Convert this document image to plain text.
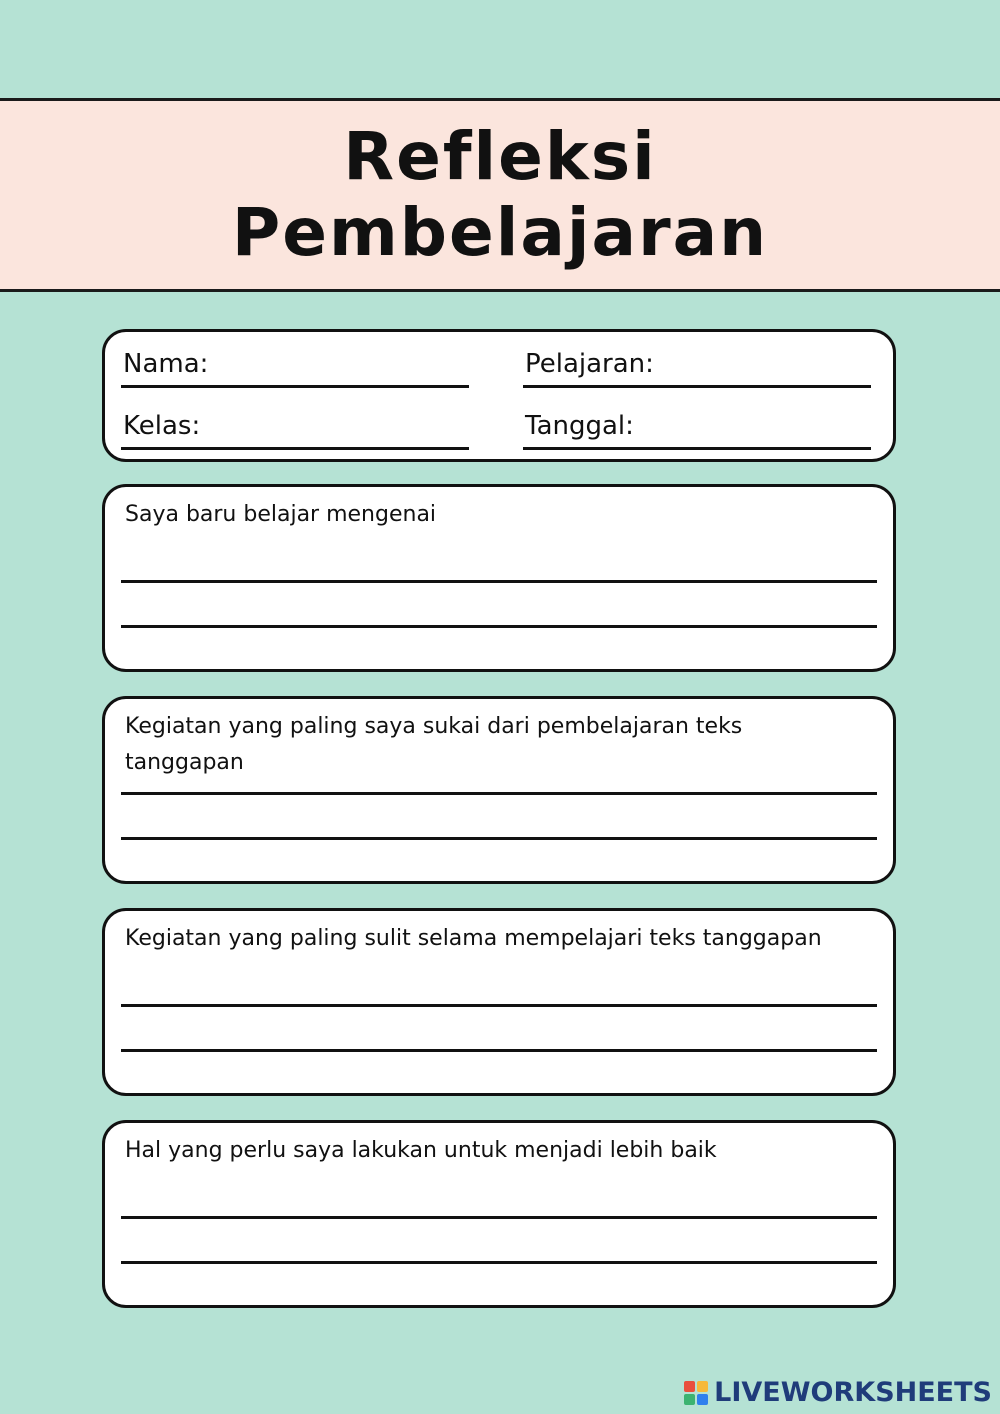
Refleksi
Pembelajaran
Nama:	Pelajaran:
Kelas:	Tanggal:
Saya baru belajar mengenai
Kegiatan yang paling saya sukai dari pembelajaran teks tanggapan
Kegiatan yang paling sulit selama mempelajari teks tanggapan
Hal yang perlu saya lakukan untuk menjadi lebih baik
LIVEWORKSHEETS
